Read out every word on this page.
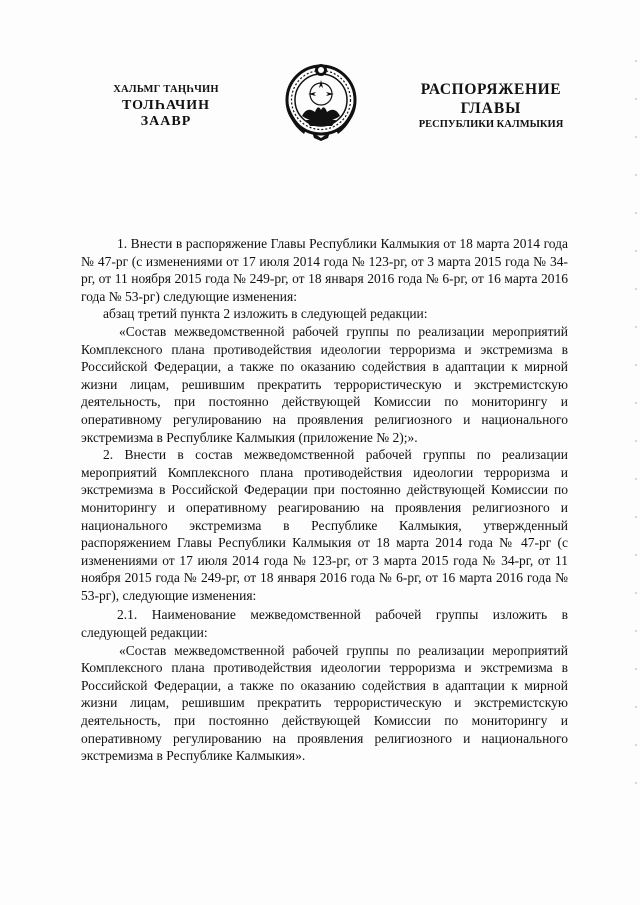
ХАЛЬМГ ТАҢҺЧИН
ТОЛҺАЧИН
ЗААВР
РАСПОРЯЖЕНИЕ
ГЛАВЫ
РЕСПУБЛИКИ КАЛМЫКИЯ

1. Внести в распоряжение Главы Республики Калмыкия от 18 марта 2014 года № 47-рг (с изменениями от 17 июля 2014 года № 123-рг, от 3 марта 2015 года № 34-рг, от 11 ноября 2015 года № 249-рг, от 18 января 2016 года № 6-рг, от 16 марта 2016 года № 53-рг) следующие изменения:

абзац третий пункта 2 изложить в следующей редакции:

«Состав межведомственной рабочей группы по реализации мероприятий Комплексного плана противодействия идеологии терроризма и экстремизма в Российской Федерации, а также по оказанию содействия в адаптации к мирной жизни лицам, решившим прекратить террористическую и экстремистскую деятельность, при постоянно действующей Комиссии по мониторингу и оперативному регулированию на проявления религиозного и национального экстремизма в Республике Калмыкия (приложение № 2);».

2. Внести в состав межведомственной рабочей группы по реализации мероприятий Комплексного плана противодействия идеологии терроризма и экстремизма в Российской Федерации при постоянно действующей Комиссии по мониторингу и оперативному реагированию на проявления религиозного и национального экстремизма в Республике Калмыкия, утвержденный распоряжением Главы Республики Калмыкия от 18 марта 2014 года № 47-рг (с изменениями от 17 июля 2014 года № 123-рг, от 3 марта 2015 года № 34-рг, от 11 ноября 2015 года № 249-рг, от 18 января 2016 года № 6-рг, от 16 марта 2016 года № 53-рг), следующие изменения:

2.1. Наименование межведомственной рабочей группы изложить в следующей редакции:

«Состав межведомственной рабочей группы по реализации мероприятий Комплексного плана противодействия идеологии терроризма и экстремизма в Российской Федерации, а также по оказанию содействия в адаптации к мирной жизни лицам, решившим прекратить террористическую и экстремистскую деятельность, при постоянно действующей Комиссии по мониторингу и оперативному регулированию на проявления религиозного и национального экстремизма в Республике Калмыкия».
